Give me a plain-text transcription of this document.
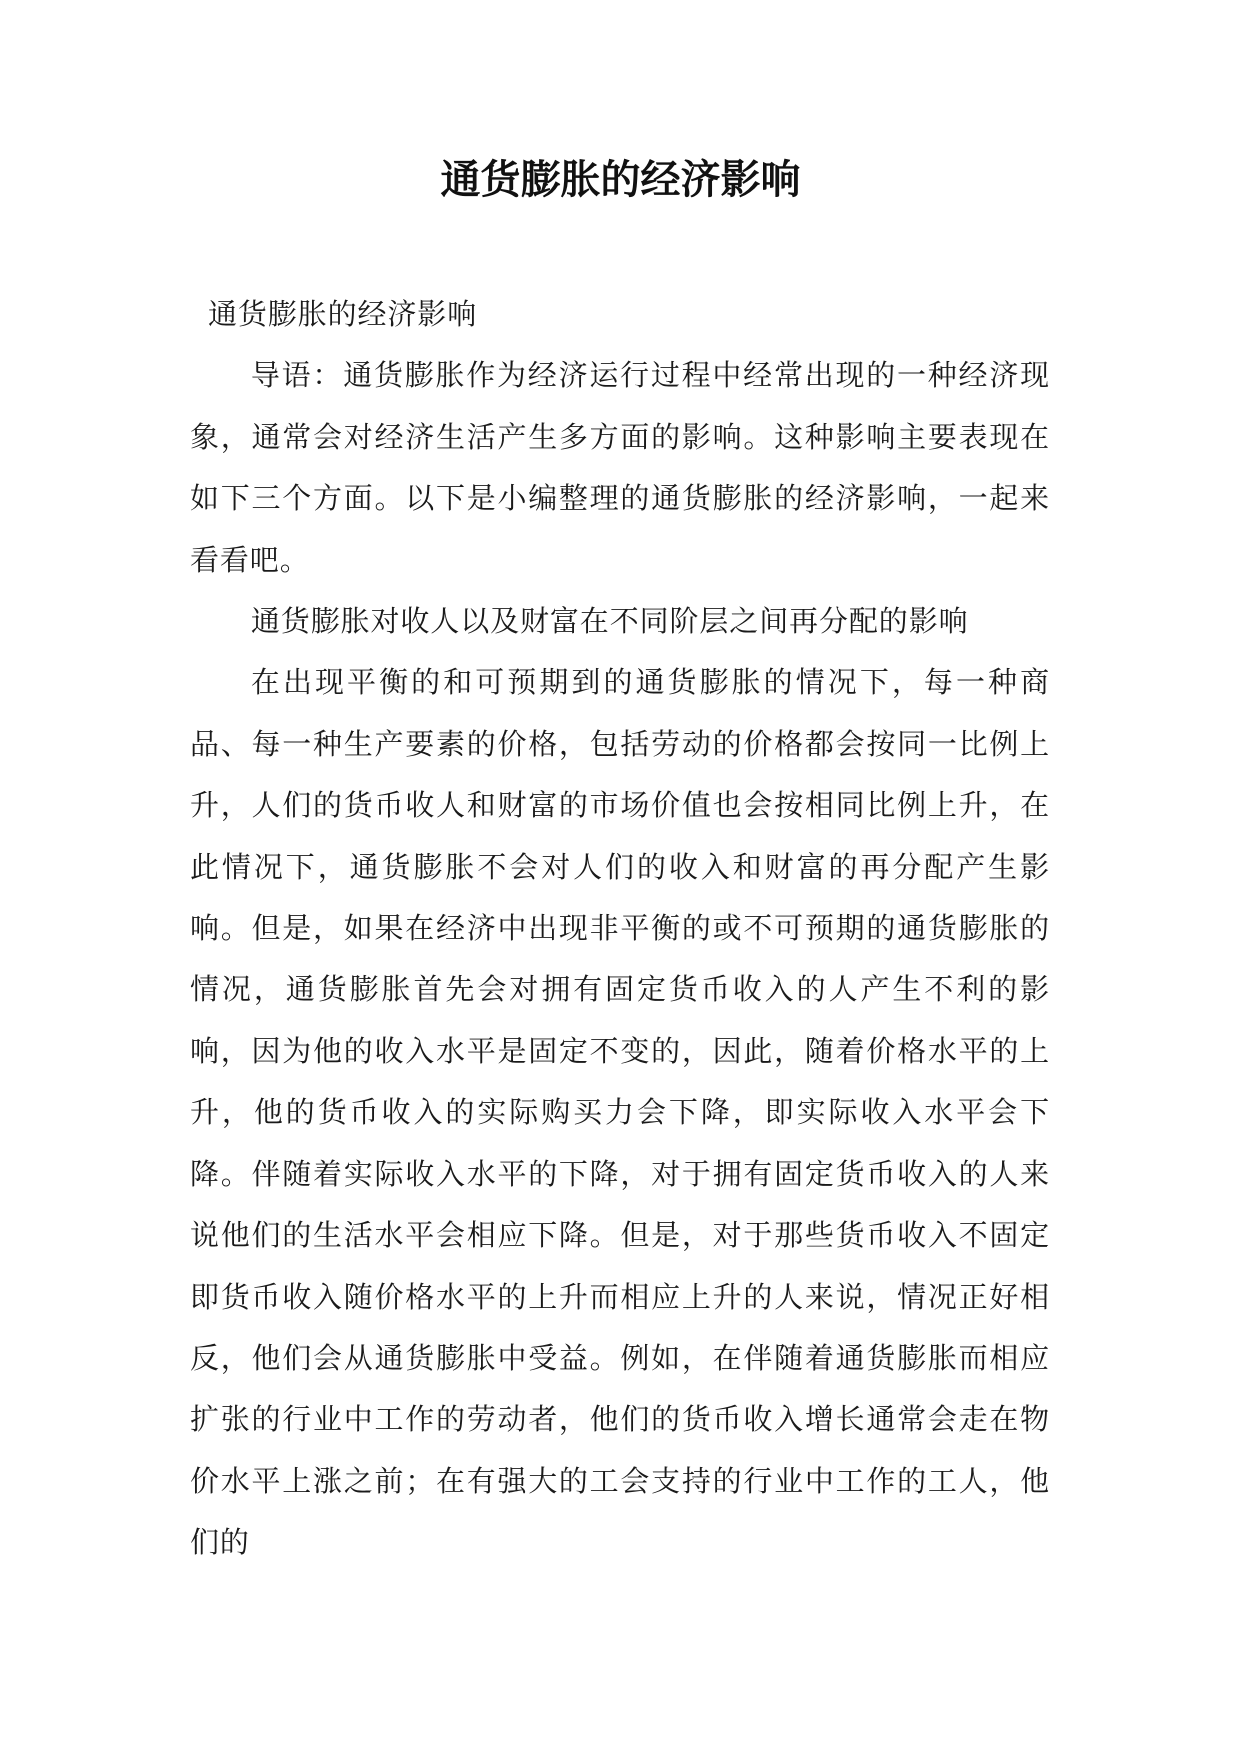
通货膨胀的经济影响

通货膨胀的经济影响

导语：通货膨胀作为经济运行过程中经常出现的一种经济现象，通常会对经济生活产生多方面的影响。这种影响主要表现在如下三个方面。以下是小编整理的通货膨胀的经济影响，一起来看看吧。

通货膨胀对收人以及财富在不同阶层之间再分配的影响

在出现平衡的和可预期到的通货膨胀的情况下，每一种商品、每一种生产要素的价格，包括劳动的价格都会按同一比例上升，人们的货币收人和财富的市场价值也会按相同比例上升，在此情况下，通货膨胀不会对人们的收入和财富的再分配产生影响。但是，如果在经济中出现非平衡的或不可预期的通货膨胀的情况，通货膨胀首先会对拥有固定货币收入的人产生不利的影响，因为他的收入水平是固定不变的，因此，随着价格水平的上升，他的货币收入的实际购买力会下降，即实际收入水平会下降。伴随着实际收入水平的下降，对于拥有固定货币收入的人来说他们的生活水平会相应下降。但是，对于那些货币收入不固定即货币收入随价格水平的上升而相应上升的人来说，情况正好相反，他们会从通货膨胀中受益。例如，在伴随着通货膨胀而相应扩张的行业中工作的劳动者，他们的货币收入增长通常会走在物价水平上涨之前；在有强大的工会支持的行业中工作的工人，他们的
